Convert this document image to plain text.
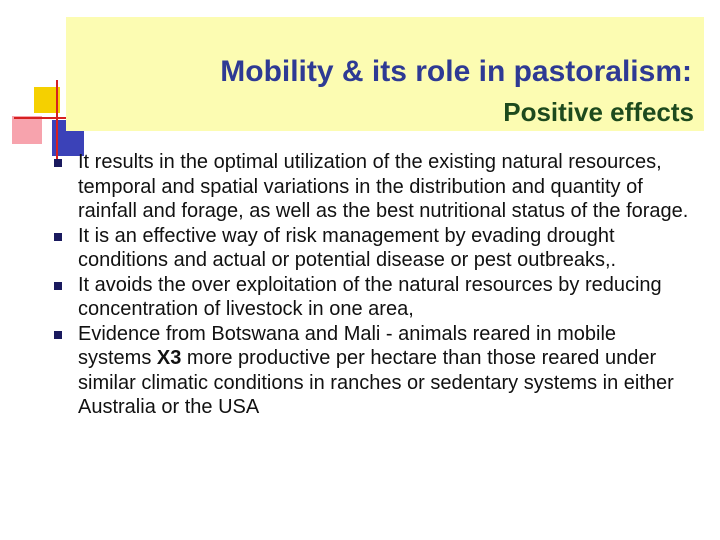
Mobility & its role in pastoralism:
Positive effects
It results in the optimal utilization of the existing natural resources, temporal and spatial variations in the distribution and quantity of rainfall and forage, as well as the best nutritional status of the forage.
It is an effective way of risk management by evading drought conditions and actual or potential disease or pest outbreaks,.
It avoids the over exploitation of the natural resources by reducing concentration of livestock in one area,
Evidence from Botswana and Mali - animals reared in mobile systems X3 more productive per hectare than those reared under similar climatic conditions in ranches or sedentary systems in either Australia or the USA
